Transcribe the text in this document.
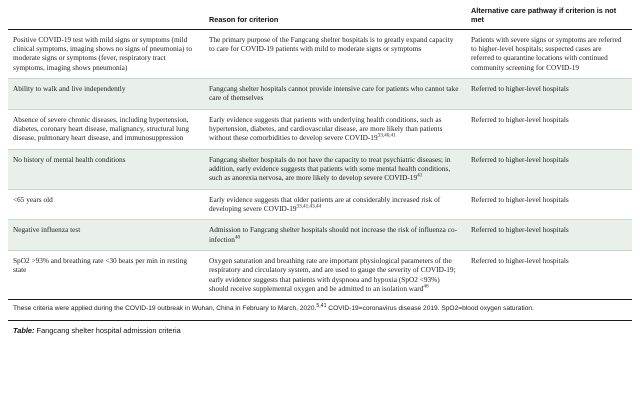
	Reason for criterion	Alternative care pathway if criterion is not met
Positive COVID-19 test with mild signs or symptoms (mild clinical symptoms, imaging shows no signs of pneumonia) to moderate signs or symptoms (fever, respiratory tract symptoms, imaging shows pneumonia)	The primary purpose of the Fangcang shelter hospitals is to greatly expand capacity to care for COVID-19 patients with mild to moderate signs or symptoms	Patients with severe signs or symptoms are referred to higher-level hospitals; suspected cases are referred to quarantine locations with continued community screening for COVID-19
Ability to walk and live independently	Fangcang shelter hospitals cannot provide intensive care for patients who cannot take care of themselves	Referred to higher-level hospitals
Absence of severe chronic diseases, including hypertension, diabetes, coronary heart disease, malignancy, structural lung disease, pulmonary heart disease, and immunosuppression	Early evidence suggests that patients with underlying health conditions, such as hypertension, diabetes, and cardiovascular disease, are more likely than patients without these comorbidities to develop severe COVID-19$^{33,40,41}$	Referred to higher-level hospitals
No history of mental health conditions	Fangcang shelter hospitals do not have the capacity to treat psychiatric diseases; in addition, early evidence suggests that patients with some mental health conditions, such as anorexia nervosa, are more likely to develop severe COVID-$19^{41}$	Referred to higher-level hospitals
<65 years old	Early evidence suggests that older patients are at considerably increased risk of developing severe COVID-19$^{33,41,43,44}$	Referred to higher-level hospitals
Negative influenza test	Admission to Fangcang shelter hospitals should not increase the risk of influenza co-infection$^{40}$	Referred to higher-level hospitals
SpO2 >93% and breathing rate <30 beats per min in resting state	Oxygen saturation and breathing rate are important physiological parameters of the respiratory and circulatory system, and are used to gauge the severity of COVID-19; early evidence suggests that patients with dyspnoea and hypoxia (SpO2 <93%) should receive supplemental oxygen and be admitted to an isolation ward$^{46}$	Referred to higher-level hospitals
These criteria were applied during the COVID-19 outbreak in Wuhan, China in February to March, 2020.$^{5,41}$ COVID-19=coronavirus disease 2019. SpO2=blood oxygen saturation.
Table: Fangcang shelter hospital admission criteria
